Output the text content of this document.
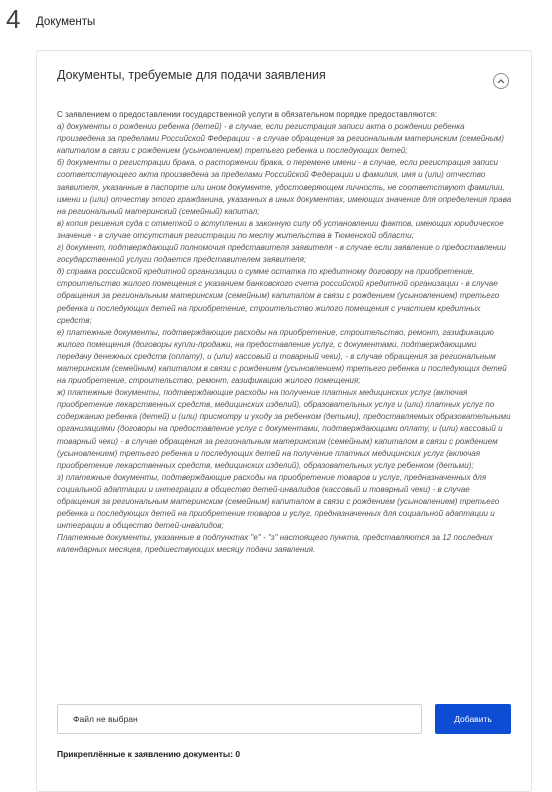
4 Документы
Документы, требуемые для подачи заявления

С заявлением о предоставлении государственной услуги в обязательном порядке предоставляются:

а) документы о рождении ребенка (детей) - в случае, если регистрация записи акта о рождении ребенка произведена за пределами Российской Федерации - в случае обращения за региональным материнским (семейным) капиталом в связи с рождением (усыновлением) третьего ребенка и последующих детей;

б) документы о регистрации брака, о расторжении брака, о перемене имени - в случае, если регистрация записи соответствующего акта произведена за пределами Российской Федерации и фамилия, имя и (или) отчество заявителя, указанные в паспорте или ином документе, удостоверяющем личность, не соответствуют фамилии, имени и (или) отчеству этого гражданина, указанных в иных документах, имеющих значение для определения права на региональный материнский (семейный) капитал;

в) копия решения суда с отметкой о вступлении в законную силу об установлении фактов, имеющих юридическое значение - в случае отсутствия регистрации по месту жительства в Тюменской области;

г) документ, подтверждающий полномочия представителя заявителя - в случае если заявление о предоставлении государственной услуги подается представителем заявителя;

д) справка российской кредитной организации о сумме остатка по кредитному договору на приобретение, строительство жилого помещения с указанием банковского счета российской кредитной организации - в случае обращения за региональным материнским (семейным) капиталом в связи с рождением (усыновлением) третьего ребенка и последующих детей на приобретение, строительство жилого помещения с участием кредитных средств;

е) платежные документы, подтверждающие расходы на приобретение, строительство, ремонт, газификацию жилого помещения (договоры купли-продажи, на предоставление услуг, с документами, подтверждающими передачу денежных средств (оплату), и (или) кассовый и товарный чеки), - в случае обращения за региональным материнским (семейным) капиталом в связи с рождением (усыновлением) третьего ребенка и последующих детей на приобретение, строительство, ремонт, газификацию жилого помещения;

ж) платежные документы, подтверждающие расходы на получение платных медицинских услуг (включая приобретение лекарственных средств, медицинских изделий), образовательных услуг и (или) платных услуг по содержанию ребенка (детей) и (или) присмотру и уходу за ребенком (детьми), предоставляемых образовательными организациями (договоры на предоставление услуг с документами, подтверждающими оплату, и (или) кассовый и товарный чеки) - в случае обращения за региональным материнским (семейным) капиталом в связи с рождением (усыновлением) третьего ребенка и последующих детей на получение платных медицинских услуг (включая приобретение лекарственных средств, медицинских изделий), образовательных услуг ребенком (детьми);

з) платежные документы, подтверждающие расходы на приобретение товаров и услуг, предназначенных для социальной адаптации и интеграции в общество детей-инвалидов (кассовый и товарный чеки) - в случае обращения за региональным материнским (семейным) капиталом в связи с рождением (усыновлением) третьего ребенка и последующих детей на приобретение товаров и услуг, предназначенных для социальной адаптации и интеграции в общество детей-инвалидов;

Платежные документы, указанные в подпунктах "е" - "з" настоящего пункта, представляются за 12 последних календарных месяцев, предшествующих месяцу подачи заявления.

Файл не выбран	Добавить
Прикреплённые к заявлению документы: 0
